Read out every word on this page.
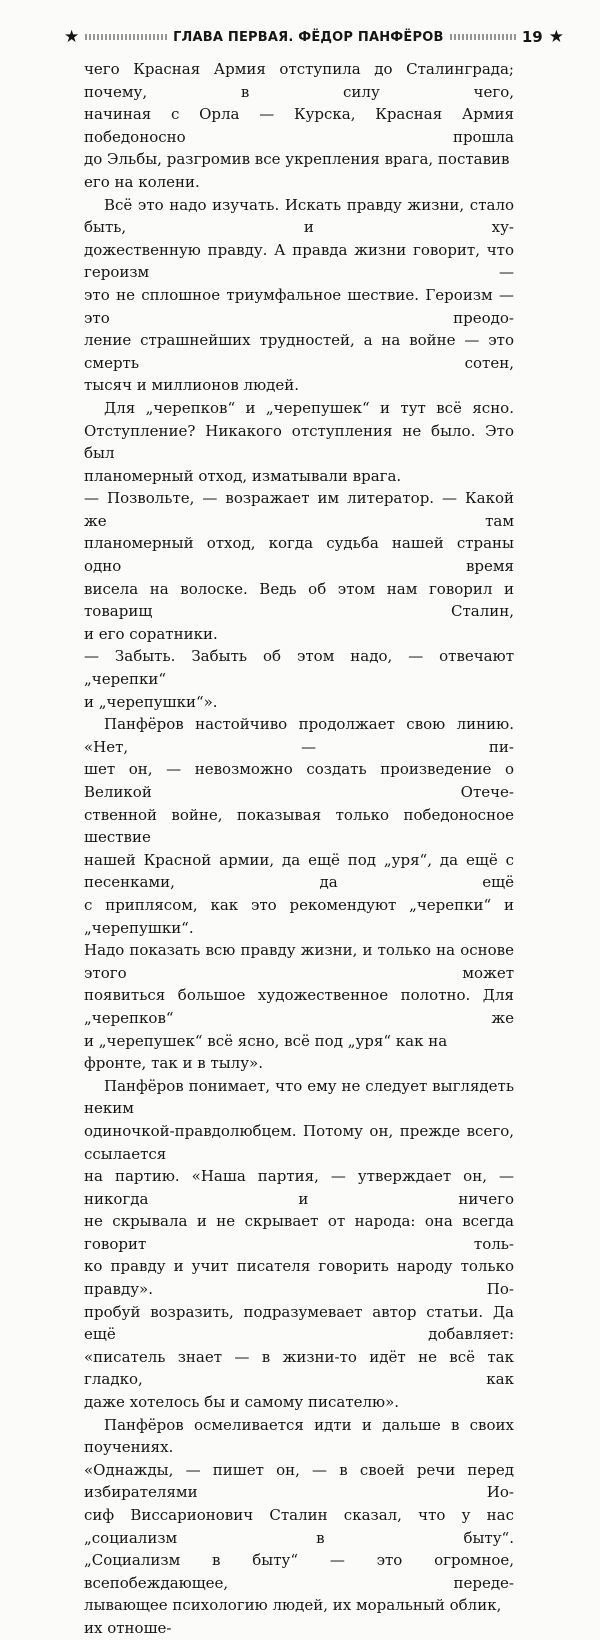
★	ГЛАВА ПЕРВАЯ. ФЁДОР ПАНФЁРОВ	19 ★

чего Красная Армия отступила до Сталинграда; почему, в силу чего,
начиная с Орла — Курска, Красная Армия победоносно прошла
до Эльбы, разгромив все укрепления врага, поставив его на колени.

Всё это надо изучать. Искать правду жизни, стало быть, и ху-
дожественную правду. А правда жизни говорит, что героизм —
это не сплошное триумфальное шествие. Героизм — это преодо-
ление страшнейших трудностей, а на войне — это смерть сотен,
тысяч и миллионов людей.

Для „черепков“ и „черепушек“ и тут всё ясно.
Отступление? Никакого отступления не было. Это был
планомерный отход, изматывали врага.

— Позвольте, — возражает им литератор. — Какой же там
планомерный отход, когда судьба нашей страны одно время
висела на волоске. Ведь об этом нам говорил и товарищ Сталин,
и его соратники.

— Забыть. Забыть об этом надо, — отвечают „черепки“
и „черепушки“».

Панфёров настойчиво продолжает свою линию. «Нет, — пи-
шет он, — невозможно создать произведение о Великой Отече-
ственной войне, показывая только победоносное шествие
нашей Красной армии, да ещё под „уря“, да ещё с песенками, да ещё
с приплясом, как это рекомендуют „черепки“ и „черепушки“.
Надо показать всю правду жизни, и только на основе этого может
появиться большое художественное полотно. Для „черепков“ же
и „черепушек“ всё ясно, всё под „уря“ как на фронте, так и в тылу».

Панфёров понимает, что ему не следует выглядеть неким
одиночкой-правдолюбцем. Потому он, прежде всего, ссылается
на партию. «Наша партия, — утверждает он, — никогда и ничего
не скрывала и не скрывает от народа: она всегда говорит толь-
ко правду и учит писателя говорить народу только правду». По-
пробуй возразить, подразумевает автор статьи. Да ещё добавляет:
«писатель знает — в жизни-то идёт не всё так гладко, как
даже хотелось бы и самому писателю».

Панфёров осмеливается идти и дальше в своих поучениях.
«Однажды, — пишет он, — в своей речи перед избирателями Ио-
сиф Виссарионович Сталин сказал, что у нас „социализм в быту“.
„Социализм в быту“ — это огромное, всепобеждающее, переде-
лывающее психологию людей, их моральный облик, их отноше-
